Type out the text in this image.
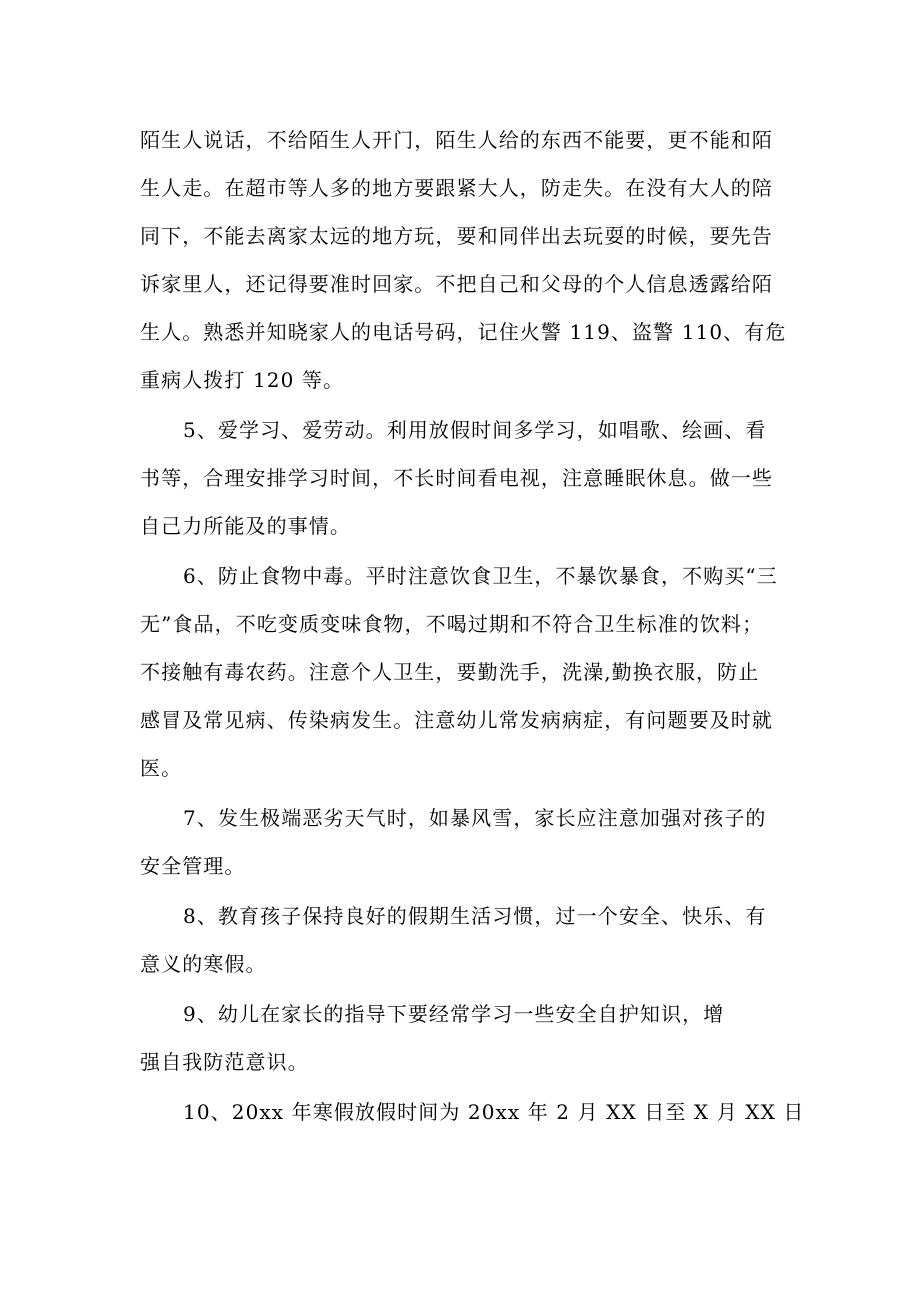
陌生人说话，不给陌生人开门，陌生人给的东西不能要，更不能和陌
生人走。在超市等人多的地方要跟紧大人，防走失。在没有大人的陪
同下，不能去离家太远的地方玩，要和同伴出去玩耍的时候，要先告
诉家里人，还记得要准时回家。不把自己和父母的个人信息透露给陌
生人。熟悉并知晓家人的电话号码，记住火警 119、盗警 110、有危
重病人拨打 120 等。
5、爱学习、爱劳动。利用放假时间多学习，如唱歌、绘画、看
书等，合理安排学习时间，不长时间看电视，注意睡眠休息。做一些
自己力所能及的事情。
6、防止食物中毒。平时注意饮食卫生，不暴饮暴食，不购买“三
无”食品，不吃变质变味食物，不喝过期和不符合卫生标准的饮料；
不接触有毒农药。注意个人卫生，要勤洗手，洗澡,勤换衣服，防止
感冒及常见病、传染病发生。注意幼儿常发病病症，有问题要及时就
医。
7、发生极端恶劣天气时，如暴风雪，家长应注意加强对孩子的
安全管理。
8、教育孩子保持良好的假期生活习惯，过一个安全、快乐、有
意义的寒假。
9、幼儿在家长的指导下要经常学习一些安全自护知识，增
强自我防范意识。
10、20xx 年寒假放假时间为 20xx 年 2 月 XX 日至 X 月 XX 日
